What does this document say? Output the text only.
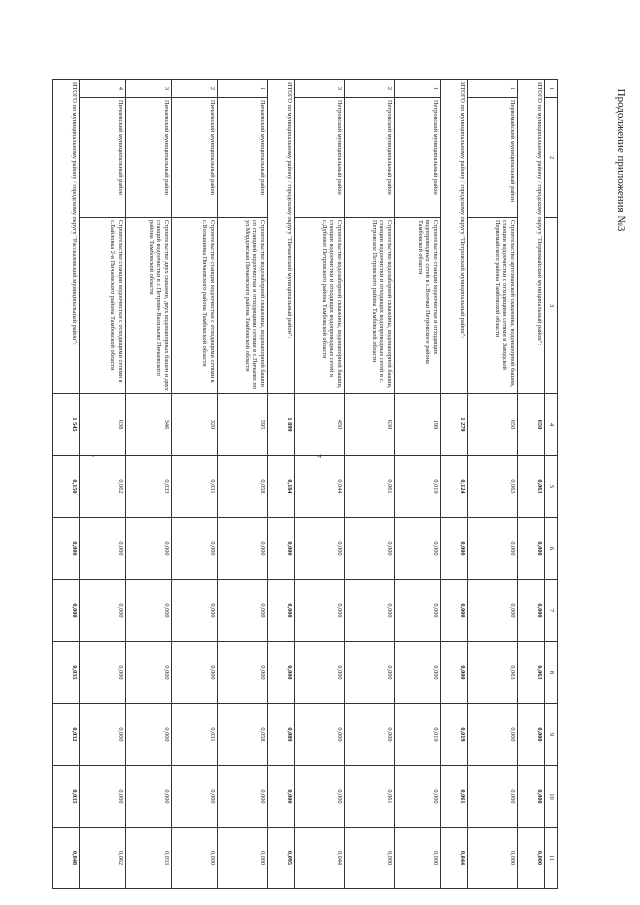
Продолжение приложения №3
7
1	2	3	4	5	6	7	8	9	10	11
ИТОГО по муниципальному району / городскому округу "Первомайский муниципальный район":			650	0,063	0,000	0,000	0,063	0,000	0,000	0,000
1	Первомайский муниципальный район	Строительство артезианской скважины, водонапорной башни, станции водоочистки с отходящими сетями в Заводской Первомайского района Тамбовской области	650	0,063	0,000	0,000	0,063	0,000	0,000	0,000
ИТОГО по муниципальному району / городскому округу "Петровский муниципальный район":			1 279	0,124	0,000	0,000	0,000	0,019	0,061	0,044
1	Петровский муниципальный район	Строительство станции водоочистки и отходящих водопроводных сетей в с.Волчки Петровского района Тамбовской области	199	0,019	0,000	0,000	0,000	0,019	0,000	0,000
2	Петровский муниципальный район	Строительство водозаборной скважины, водонапорной башни, станции водоочистки и отходящих водопроводных сетей в с. Петровское Петровского района Тамбовской области	630	0,061	0,000	0,000	0,000	0,000	0,061	0,000
3	Петровский муниципальный район	Строительство водозаборной скважины, водонапорной башни, станции водоочистки и отходящих водопроводных сетей в с.Дубовое Петровского района Тамбовской области	450	0,044	0,000	0,000	0,000	0,000	0,000	0,044
ИТОГО по муниципальному району / городскому округу "Пичаевский муниципальный район":			1 899	0,184	0,000	0,000	0,000	0,089	0,000	0,095
1	Пичаевский муниципальный район	Строительство водозаборной скважины, водонапорной башни со станцией водоочистки и отходящими сетями в с.Пичаево по ул.Мордовская Пичаевского района Тамбовской области	595	0,058	0,000	0,000	0,000	0,058	0,000	0,000
2	Пичаевский муниципальный район	Строительство станции водоочистки с отходящими сетями в с.Вольшинка Пичаевского района Тамбовской области	320	0,031	0,000	0,000	0,000	0,031	0,000	0,000
3	Пичаевский муниципальный район	Строительство двух скважин, двух водонапорных башен и двух станций водоочистки в с.Петрово-Васильево Пичаевского района Тамбовской области	346	0,033	0,000	0,000	0,000	0,000	0,000	0,033
4	Пичаевский муниципальный район	Строительство станции водоочистки с отходящими сетями в с.Байловка 2-я Пичаевского района Тамбовской области	638	0,062	0,000	0,000	0,000	0,000	0,000	0,062
ИТОГО по муниципальному району / городскому округу "Рассказовский муниципальный район":			1 545	0,150	0,000	0,000	0,035	0,032	0,035	0,048
